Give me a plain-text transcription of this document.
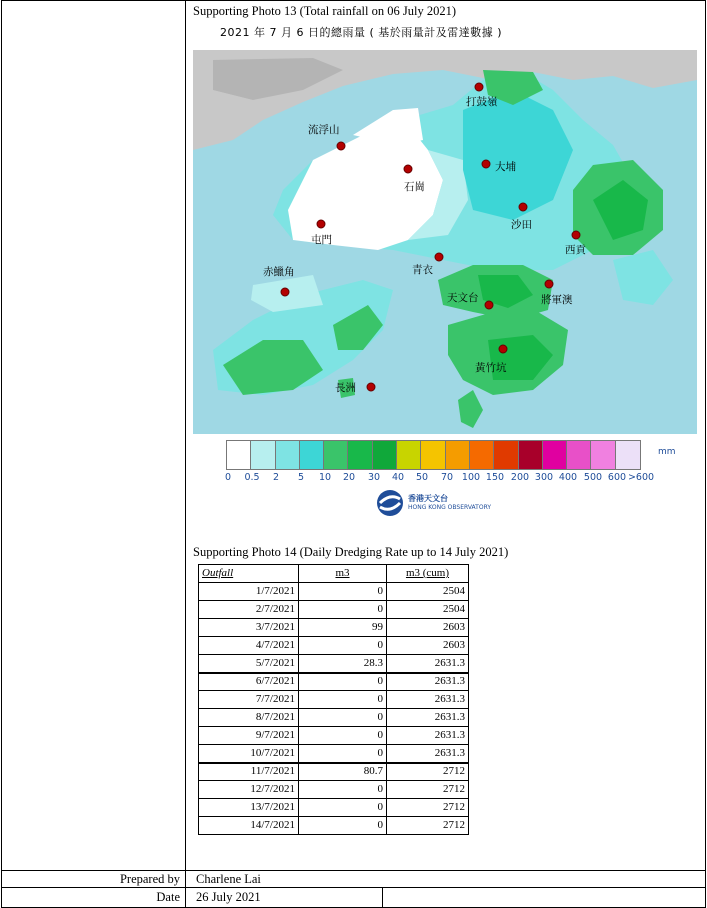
Supporting Photo 13 (Total rainfall on 06 July 2021)
2021 年 7 月 6 日的總雨量 ( 基於雨量計及雷達數據 )
打鼓嶺
流浮山
大埔
石崗
沙田
屯門
西貢
赤鱲角	青衣
天文台	將軍澳
黃竹坑
長洲
mm
0 0.5 2 5 10 20 30 40 50 70 100 150 200 300 400 500 600 >600
香港天文台
HONG KONG OBSERVATORY
Supporting Photo 14 (Daily Dredging Rate up to 14 July 2021)
Outfall	m3	m3 (cum)
1/7/2021	0	2504
2/7/2021	0	2504
3/7/2021	99	2603
4/7/2021	0	2603
5/7/2021	28.3	2631.3
6/7/2021	0	2631.3
7/7/2021	0	2631.3
8/7/2021	0	2631.3
9/7/2021	0	2631.3
10/7/2021	0	2631.3
11/7/2021	80.7	2712
12/7/2021	0	2712
13/7/2021	0	2712
14/7/2021	0	2712
Prepared by Charlene Lai
Date 26 July 2021
